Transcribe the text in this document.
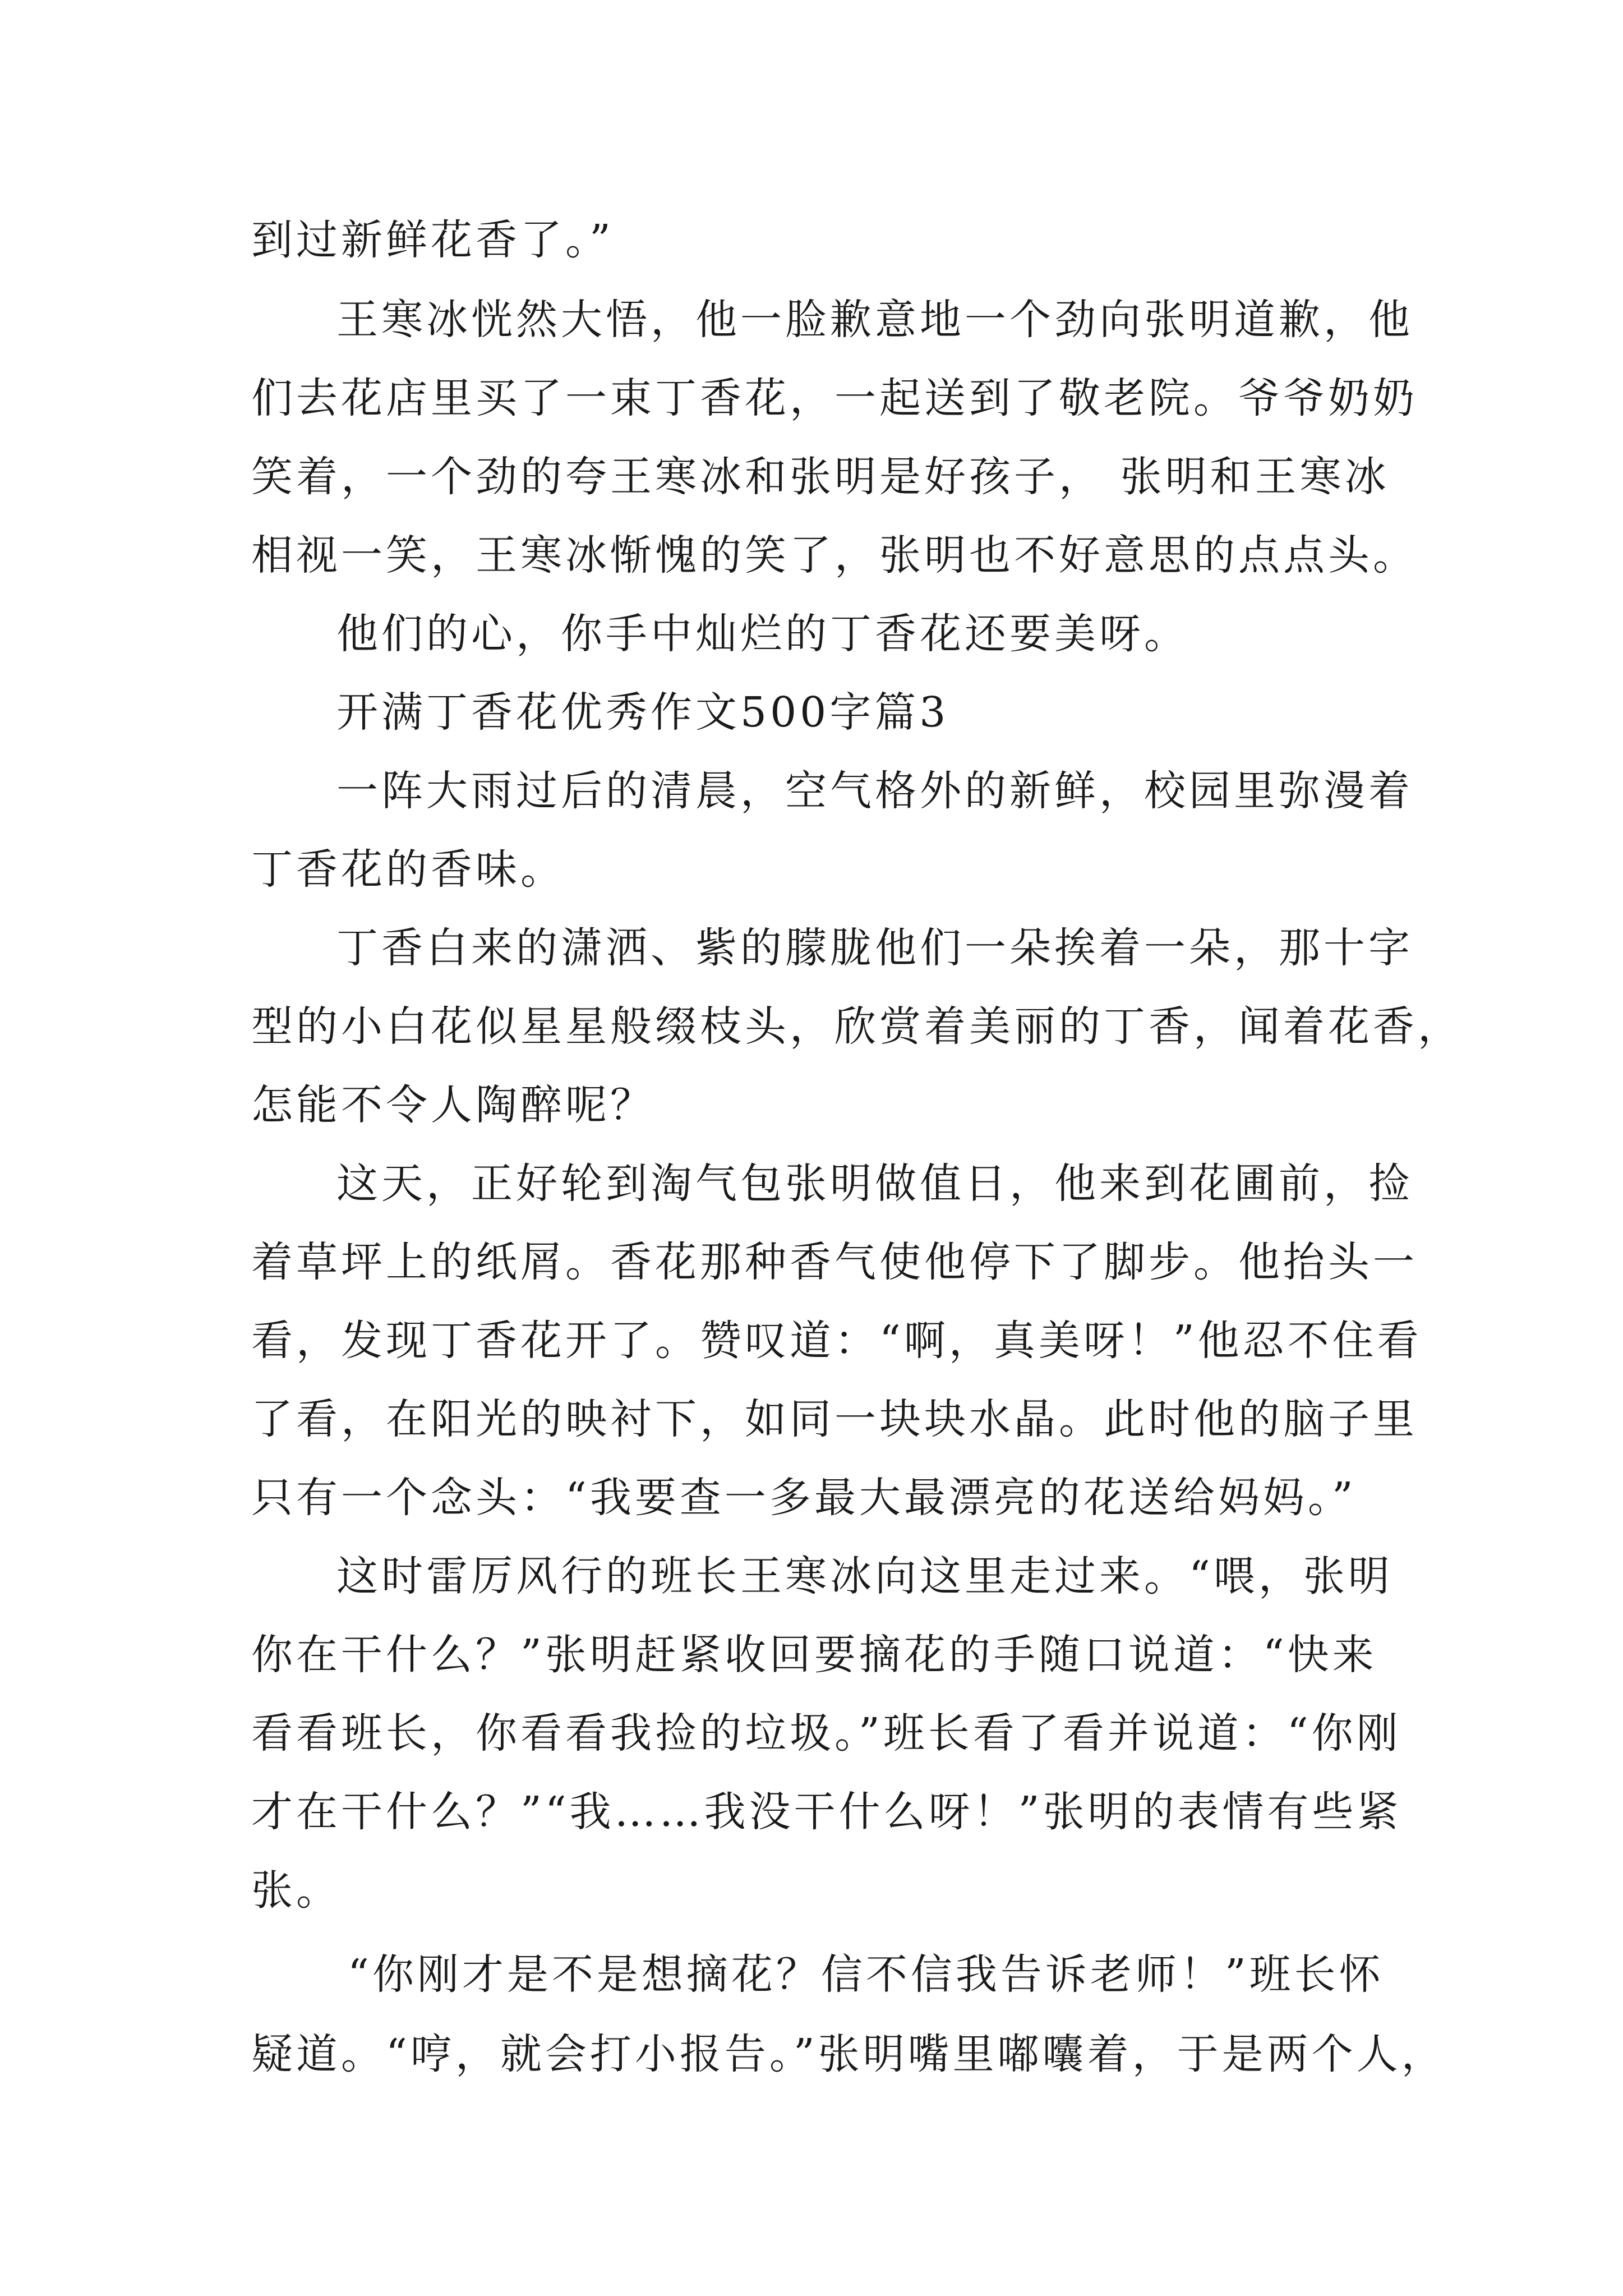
到过新鲜花香了。”
王寒冰恍然大悟，他一脸歉意地一个劲向张明道歉，他
们去花店里买了一束丁香花，一起送到了敬老院。爷爷奶奶
笑着，一个劲的夸王寒冰和张明是好孩子， 张明和王寒冰
相视一笑，王寒冰惭愧的笑了，张明也不好意思的点点头。
他们的心，你手中灿烂的丁香花还要美呀。
开满丁香花优秀作文500字篇3
一阵大雨过后的清晨，空气格外的新鲜，校园里弥漫着
丁香花的香味。
丁香白来的潇洒、紫的朦胧他们一朵挨着一朵，那十字
型的小白花似星星般缀枝头，欣赏着美丽的丁香，闻着花香，
怎能不令人陶醉呢？
这天，正好轮到淘气包张明做值日，他来到花圃前，捡
着草坪上的纸屑。香花那种香气使他停下了脚步。他抬头一
看，发现丁香花开了。赞叹道：“啊，真美呀！”他忍不住看
了看，在阳光的映衬下，如同一块块水晶。此时他的脑子里
只有一个念头：“我要查一多最大最漂亮的花送给妈妈。”
这时雷厉风行的班长王寒冰向这里走过来。“喂，张明
你在干什么？”张明赶紧收回要摘花的手随口说道：“快来
看看班长，你看看我捡的垃圾。”班长看了看并说道：“你刚
才在干什么？”“我……我没干什么呀！”张明的表情有些紧
张。
“你刚才是不是想摘花？信不信我告诉老师！”班长怀
疑道。“哼，就会打小报告。”张明嘴里嘟囔着，于是两个人，
